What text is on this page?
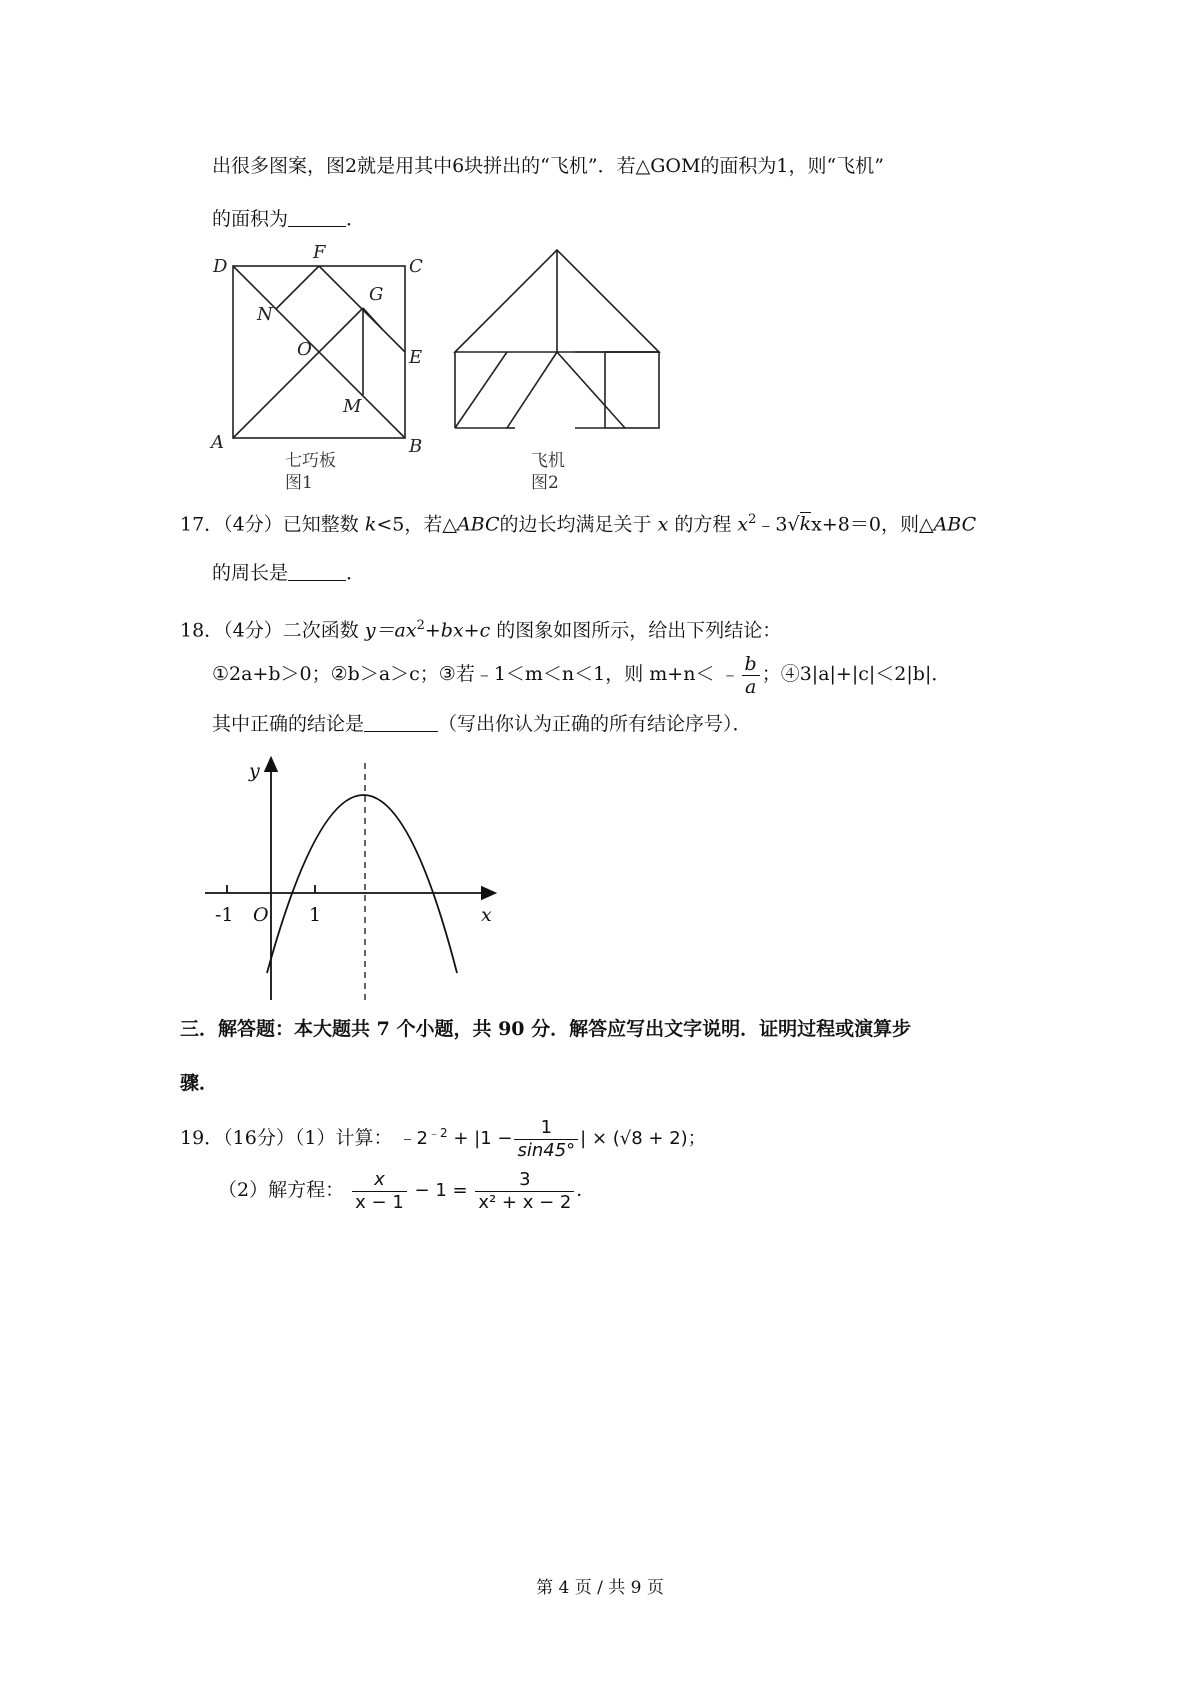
出很多图案，图2就是用其中6块拼出的“飞机”．若△GOM的面积为1，则“飞机”
的面积为	．
D
F
C
N
G
O	E
M
A	B
七巧板
图1
飞机
图2
17．（4分）已知整数 k<5，若△ABC的边长均满足关于 x 的方程 $x^2﹣3√kx+8=0$，则△ABC
的周长是	．
18．（4分）二次函数 $y=ax^2+bx+c$ 的图象如图所示，给出下列结论：
①2a+b＞0；②b＞a＞c；③若﹣1＜m＜n＜1，则 m+n＜ ﹣ $\frac{b}{a}$ ；④3|a|+|c|＜2|b|．
其中正确的结论是	（写出你认为正确的所有结论序号）．
y
x
O
-1	1
三．解答题：本大题共 7 个小题，共 90 分．解答应写出文字说明．证明过程或演算步
骤．
19．（16分）（1）计算： $﹣2^{﹣2} + |1 - \frac{1}{\sin 45^\circ}$ | × (√8 + 2)；
（2）解方程： $\frac{x}{x - 1} - 1 = \frac{3}{\text{x² + x − 2}}$ ．
第 4 页 / 共 9 页
